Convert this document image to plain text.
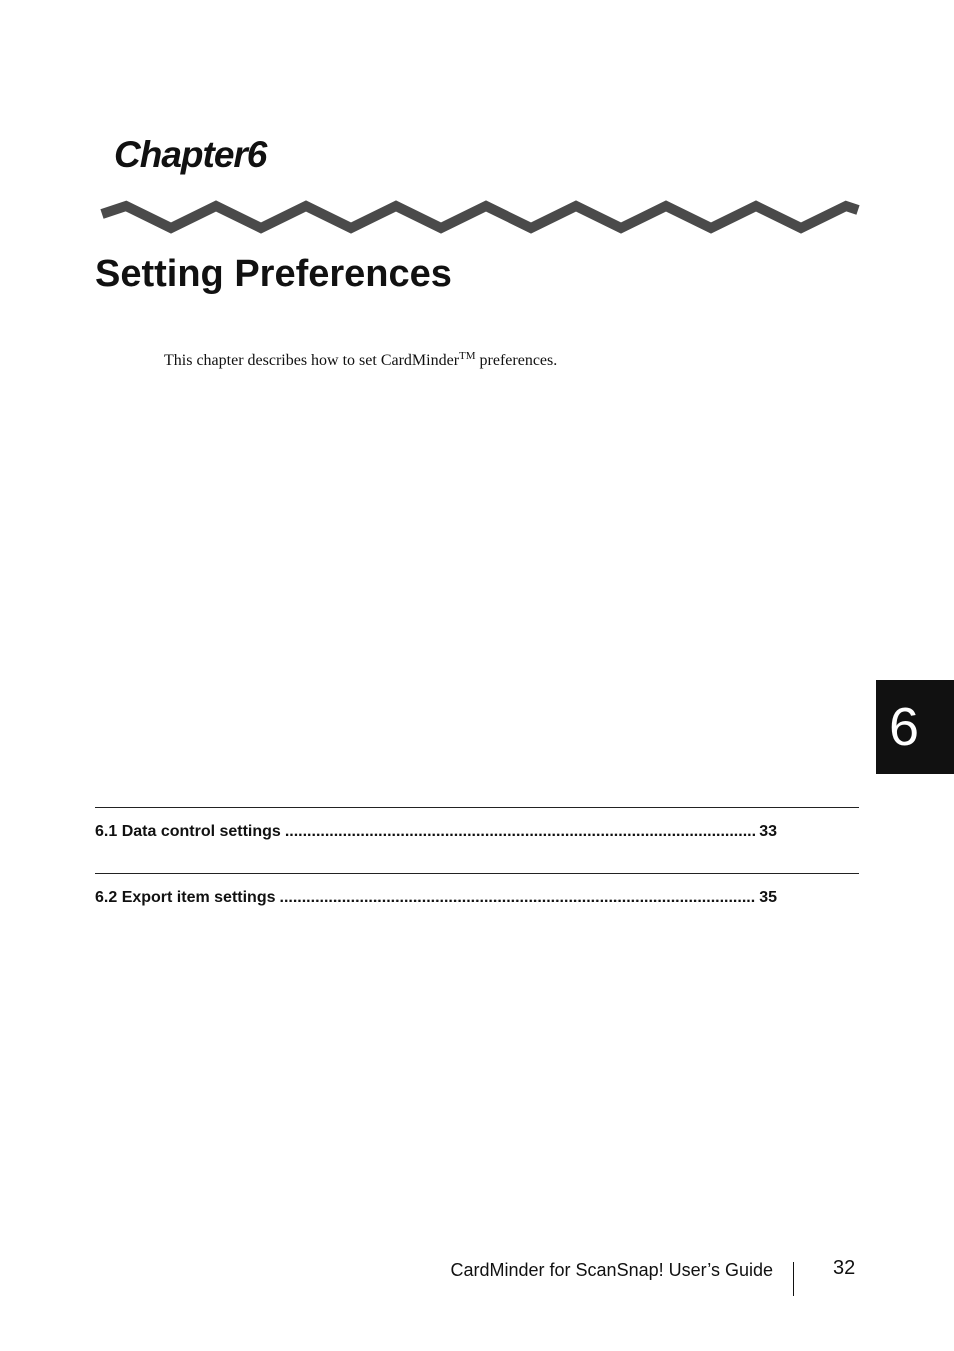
Chapter6
Setting Preferences

This chapter describes how to set CardMinder™ preferences.

6
6.1 Data control settings .....	33
6.2 Export item settings .....	35
CardMinder for ScanSnap! User’s Guide	32
